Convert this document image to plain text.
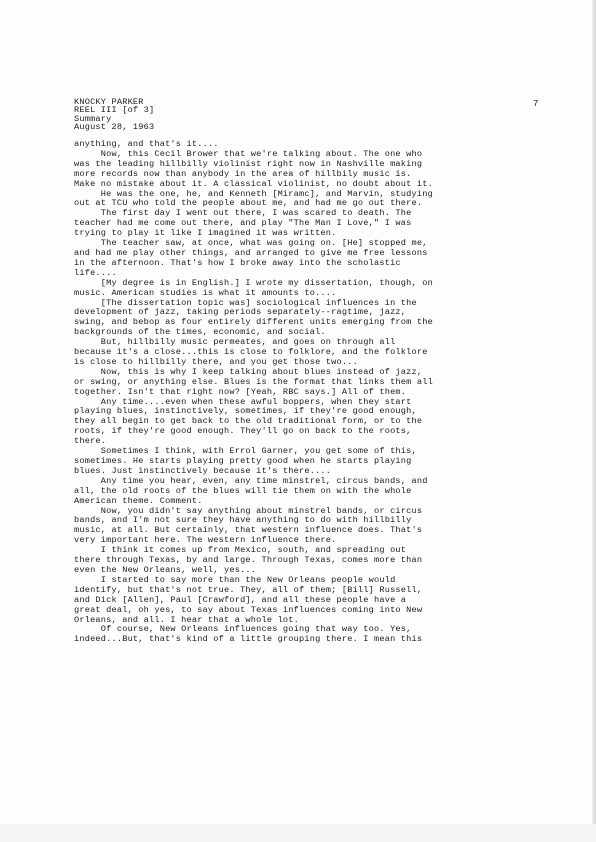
KNOCKY PARKER
REEL III [of 3]
Summary
August 28, 1963
7
anything, and that's it....
Now, this Cecil Brower that we're talking about. The one who
was the leading hillbilly violinist right now in Nashville making
more records now than anybody in the area of hillbily music is.
Make no mistake about it. A classical violinist, no doubt about it.
He was the one, he, and Kenneth [Miramc], and Marvin, studying
out at TCU who told the people about me, and had me go out there.
The first day I went out there, I was scared to death. The
teacher had me come out there, and play "The Man I Love," I was
trying to play it like I imagined it was written.
The teacher saw, at once, what was going on. [He] stopped me,
and had me play other things, and arranged to give me free lessons
in the afternoon. That's how I broke away into the scholastic
life....
[My degree is in English.] I wrote my dissertation, though, on
music. American studies is what it amounts to....
[The dissertation topic was] sociological influences in the
development of jazz, taking periods separately--ragtime, jazz,
swing, and bebop as four entirely different units emerging from the
backgrounds of the times, economic, and social.
But, hillbilly music permeates, and goes on through all
because it's a close...this is close to folklore, and the folklore
is close to hillbilly there, and you get those two...
Now, this is why I keep talking about blues instead of jazz,
or swing, or anything else. Blues is the format that links them all
together. Isn't that right now? [Yeah, RBC says.] All of them.
Any time....even when these awful boppers, when they start
playing blues, instinctively, sometimes, if they're good enough,
they all begin to get back to the old traditional form, or to the
roots, if they're good enough. They'll go on back to the roots,
there.
Sometimes I think, with Errol Garner, you get some of this,
sometimes. He starts playing pretty good when he starts playing
blues. Just instinctively because it's there....
Any time you hear, even, any time minstrel, circus bands, and
all, the old roots of the blues will tie them on with the whole
American theme. Comment.
Now, you didn't say anything about minstrel bands, or circus
bands, and I'm not sure they have anything to do with hillbilly
music, at all. But certainly, that western influence does. That's
very important here. The western influence there.
I think it comes up from Mexico, south, and spreading out
there through Texas, by and large. Through Texas, comes more than
even the New Orleans, well, yes...
I started to say more than the New Orleans people would
identify, but that's not true. They, all of them; [Bill] Russell,
and Dick [Allen], Paul [Crawford], and all these people have a
great deal, oh yes, to say about Texas influences coming into New
Orleans, and all. I hear that a whole lot.
Of course, New Orleans influences going that way too. Yes,
indeed...But, that's kind of a little grouping there. I mean this
